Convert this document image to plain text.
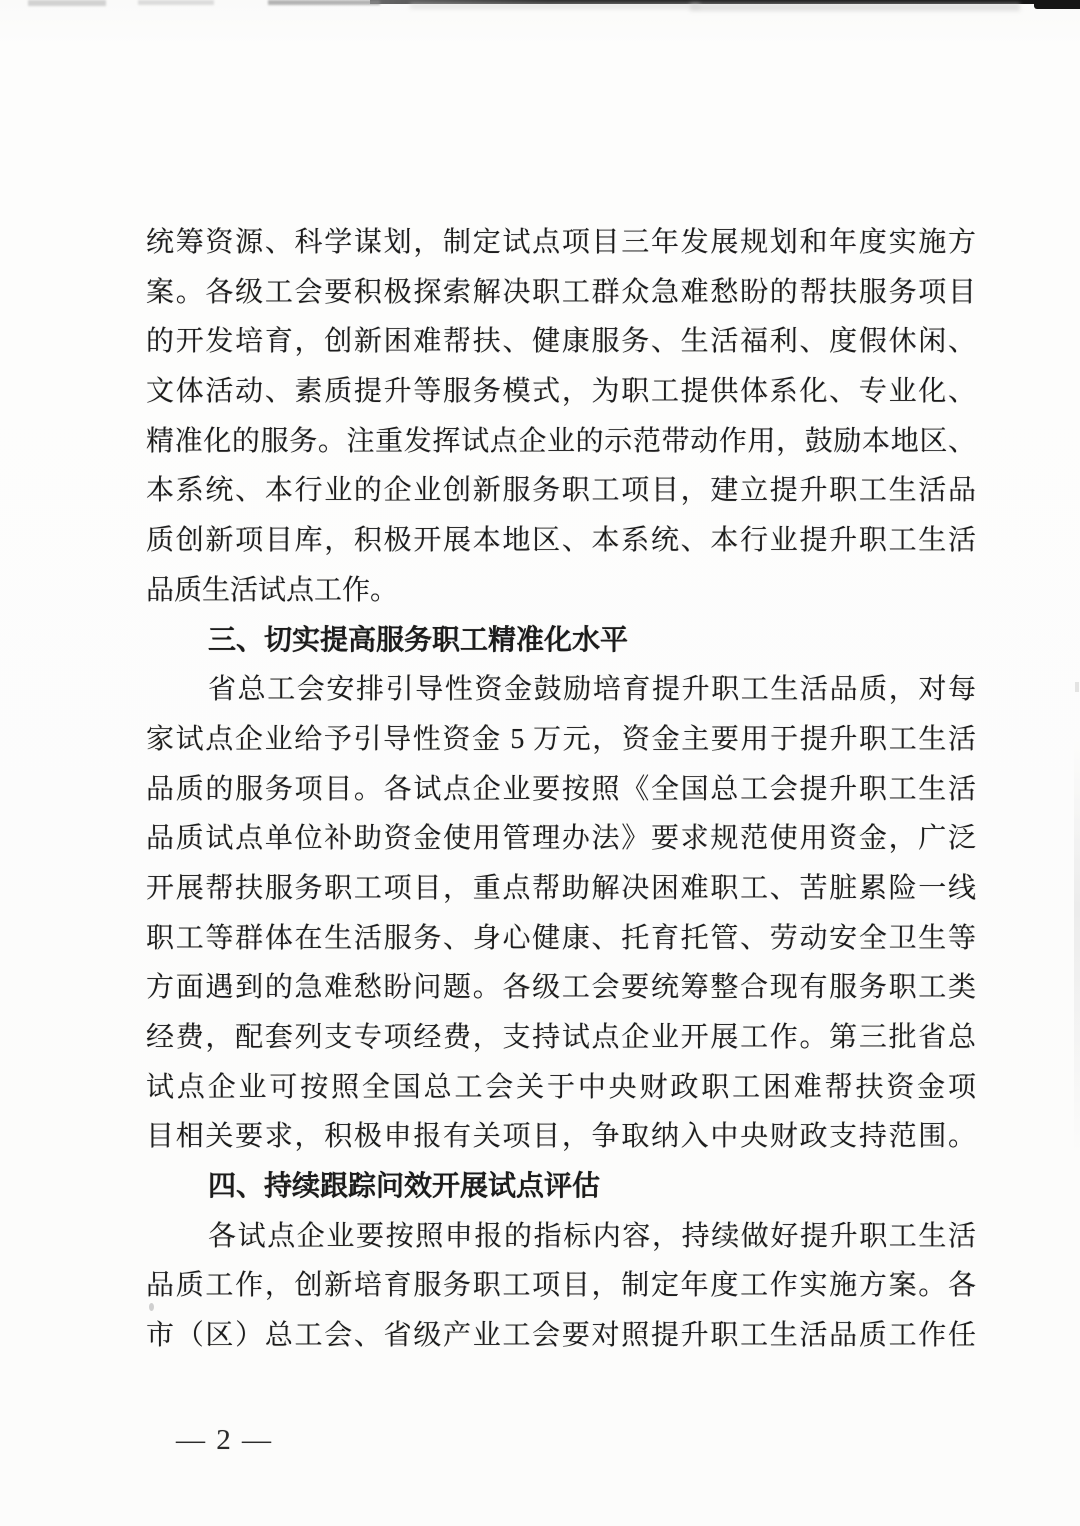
统筹资源、科学谋划，制定试点项目三年发展规划和年度实施方
案。各级工会要积极探索解决职工群众急难愁盼的帮扶服务项目
的开发培育，创新困难帮扶、健康服务、生活福利、度假休闲、
文体活动、素质提升等服务模式，为职工提供体系化、专业化、
精准化的服务。注重发挥试点企业的示范带动作用，鼓励本地区、
本系统、本行业的企业创新服务职工项目，建立提升职工生活品
质创新项目库，积极开展本地区、本系统、本行业提升职工生活
品质生活试点工作。
三、切实提高服务职工精准化水平
省总工会安排引导性资金鼓励培育提升职工生活品质，对每
家试点企业给予引导性资金 5 万元，资金主要用于提升职工生活
品质的服务项目。各试点企业要按照《全国总工会提升职工生活
品质试点单位补助资金使用管理办法》要求规范使用资金，广泛
开展帮扶服务职工项目，重点帮助解决困难职工、苦脏累险一线
职工等群体在生活服务、身心健康、托育托管、劳动安全卫生等
方面遇到的急难愁盼问题。各级工会要统筹整合现有服务职工类
经费，配套列支专项经费，支持试点企业开展工作。第三批省总
试点企业可按照全国总工会关于中央财政职工困难帮扶资金项
目相关要求，积极申报有关项目，争取纳入中央财政支持范围。
四、持续跟踪问效开展试点评估
各试点企业要按照申报的指标内容，持续做好提升职工生活
品质工作，创新培育服务职工项目，制定年度工作实施方案。各
市（区）总工会、省级产业工会要对照提升职工生活品质工作任
— 2 —
